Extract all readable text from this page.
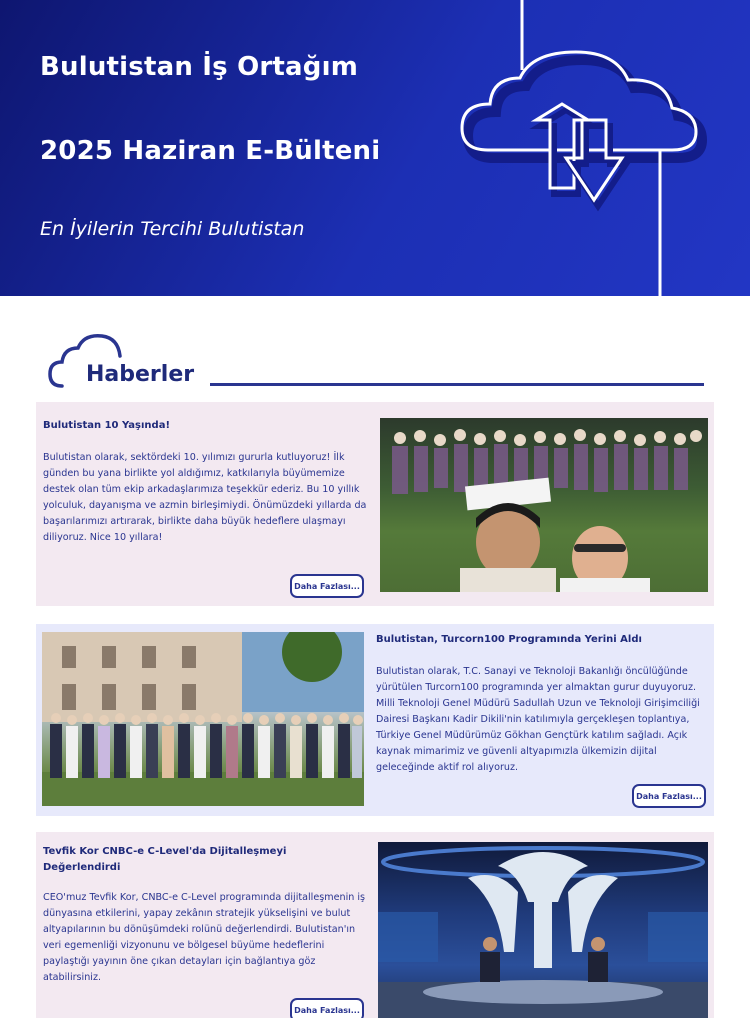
Bulutistan İş Ortağım
2025 Haziran E-Bülteni
En İyilerin Tercihi Bulutistan
Haberler
Bulutistan 10 Yaşında!
Bulutistan olarak, sektördeki 10. yılımızı gururla kutluyoruz! İlk günden bu yana birlikte yol aldığımız, katkılarıyla büyümemize destek olan tüm ekip arkadaşlarımıza teşekkür ederiz. Bu 10 yıllık yolculuk, dayanışma ve azmin birleşimiydi. Önümüzdeki yıllarda da başarılarımızı artırarak, birlikte daha büyük hedeflere ulaşmayı diliyoruz. Nice 10 yıllara!
Daha Fazlası...
Bulutistan, Turcorn100 Programında Yerini Aldı
Bulutistan olarak, T.C. Sanayi ve Teknoloji Bakanlığı öncülüğünde yürütülen Turcorn100 programında yer almaktan gurur duyuyoruz. Milli Teknoloji Genel Müdürü Sadullah Uzun ve Teknoloji Girişimciliği Dairesi Başkanı Kadir Dikili'nin katılımıyla gerçekleşen toplantıya, Türkiye Genel Müdürümüz Gökhan Gençtürk katılım sağladı. Açık kaynak mimarimiz ve güvenli altyapımızla ülkemizin dijital geleceğinde aktif rol alıyoruz.
Daha Fazlası...
Tevfik Kor CNBC-e C-Level'da Dijitalleşmeyi Değerlendirdi
CEO'muz Tevfik Kor, CNBC-e C-Level programında dijitalleşmenin iş dünyasına etkilerini, yapay zekânın stratejik yükselişini ve bulut altyapılarının bu dönüşümdeki rolünü değerlendirdi. Bulutistan'ın veri egemenliği vizyonunu ve bölgesel büyüme hedeflerini paylaştığı yayının öne çıkan detayları için bağlantıya göz atabilirsiniz.
Daha Fazlası...
